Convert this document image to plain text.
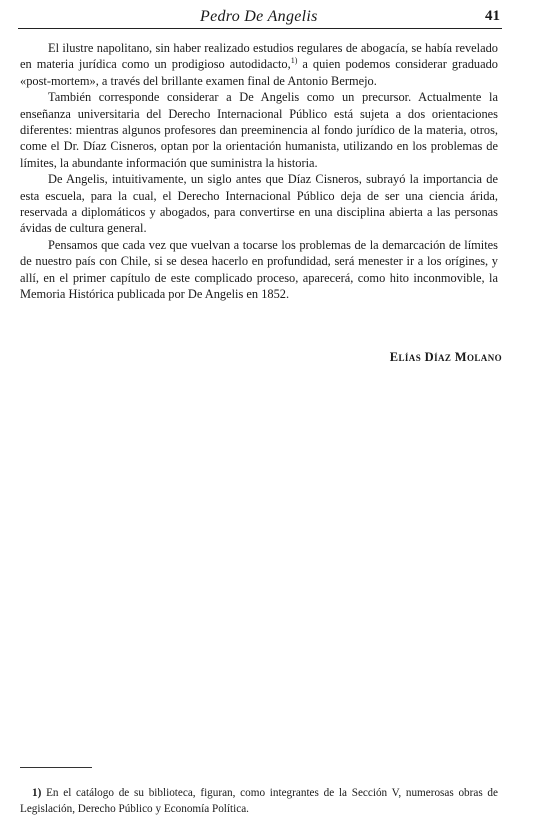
Pedro De Angelis	41

El ilustre napolitano, sin haber realizado estudios regulares de abogacía, se había revelado en materia jurídica como un prodigioso autodidacto,$^{1)}$ a quien podemos considerar graduado «post-mortem», a través del brillante examen final de Antonio Bermejo.

También corresponde considerar a De Angelis como un precursor. Actualmente la enseñanza universitaria del Derecho Internacional Público está sujeta a dos orientaciones diferentes: mientras algunos profesores dan preeminencia al fondo jurídico de la materia, otros, come el Dr. Díaz Cisneros, optan por la orientación humanista, utilizando en los problemas de límites, la abundante información que suministra la historia.

De Angelis, intuitivamente, un siglo antes que Díaz Cisneros, subrayó la importancia de esta escuela, para la cual, el Derecho Internacional Público deja de ser una ciencia árida, reservada a diplomáticos y abogados, para convertirse en una disciplina abierta a las personas ávidas de cultura general.

Pensamos que cada vez que vuelvan a tocarse los problemas de la demarcación de límites de nuestro país con Chile, si se desea hacerlo en profundidad, será menester ir a los orígines, y allí, en el primer capítulo de este complicado proceso, aparecerá, como hito inconmovible, la Memoria Histórica publicada por De Angelis en 1852.

Elías Díaz Molano
1) En el catálogo de su biblioteca, figuran, como integrantes de la Sección V, numerosas obras de Legislación, Derecho Público y Economía Política.
